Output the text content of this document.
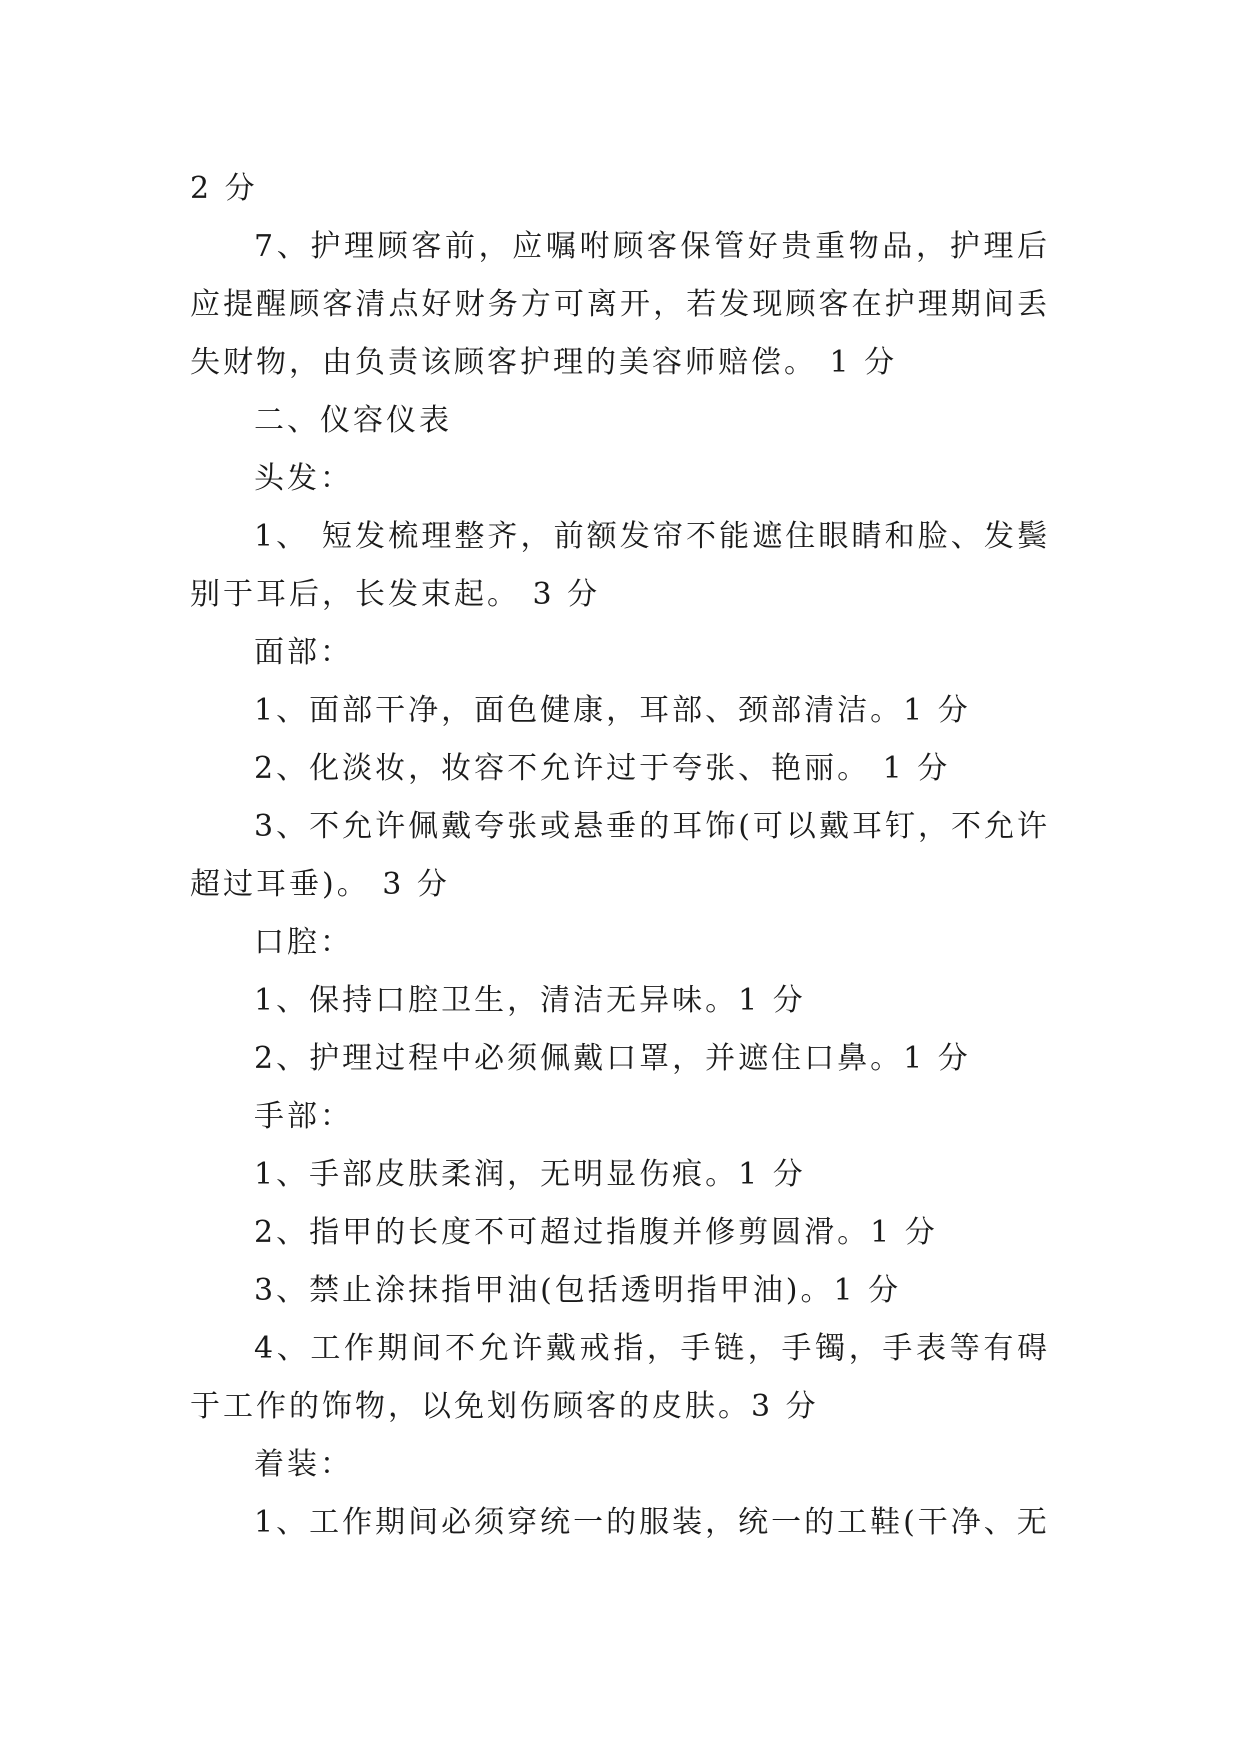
2 分

7、护理顾客前，应嘱咐顾客保管好贵重物品，护理后应提醒顾客清点好财务方可离开，若发现顾客在护理期间丢失财物，由负责该顾客护理的美容师赔偿。 1 分

二、仪容仪表

头发：

1、 短发梳理整齐，前额发帘不能遮住眼睛和脸、发鬓别于耳后，长发束起。 3 分

面部：

1、面部干净，面色健康，耳部、颈部清洁。1 分

2、化淡妆，妆容不允许过于夸张、艳丽。 1 分

3、不允许佩戴夸张或悬垂的耳饰(可以戴耳钉，不允许超过耳垂)。 3 分

口腔：

1、保持口腔卫生，清洁无异味。1 分

2、护理过程中必须佩戴口罩，并遮住口鼻。1 分

手部：

1、手部皮肤柔润，无明显伤痕。1 分

2、指甲的长度不可超过指腹并修剪圆滑。1 分

3、禁止涂抹指甲油(包括透明指甲油)。1 分

4、工作期间不允许戴戒指，手链，手镯，手表等有碍于工作的饰物，以免划伤顾客的皮肤。3 分

着装：

1、工作期间必须穿统一的服装，统一的工鞋(干净、无
